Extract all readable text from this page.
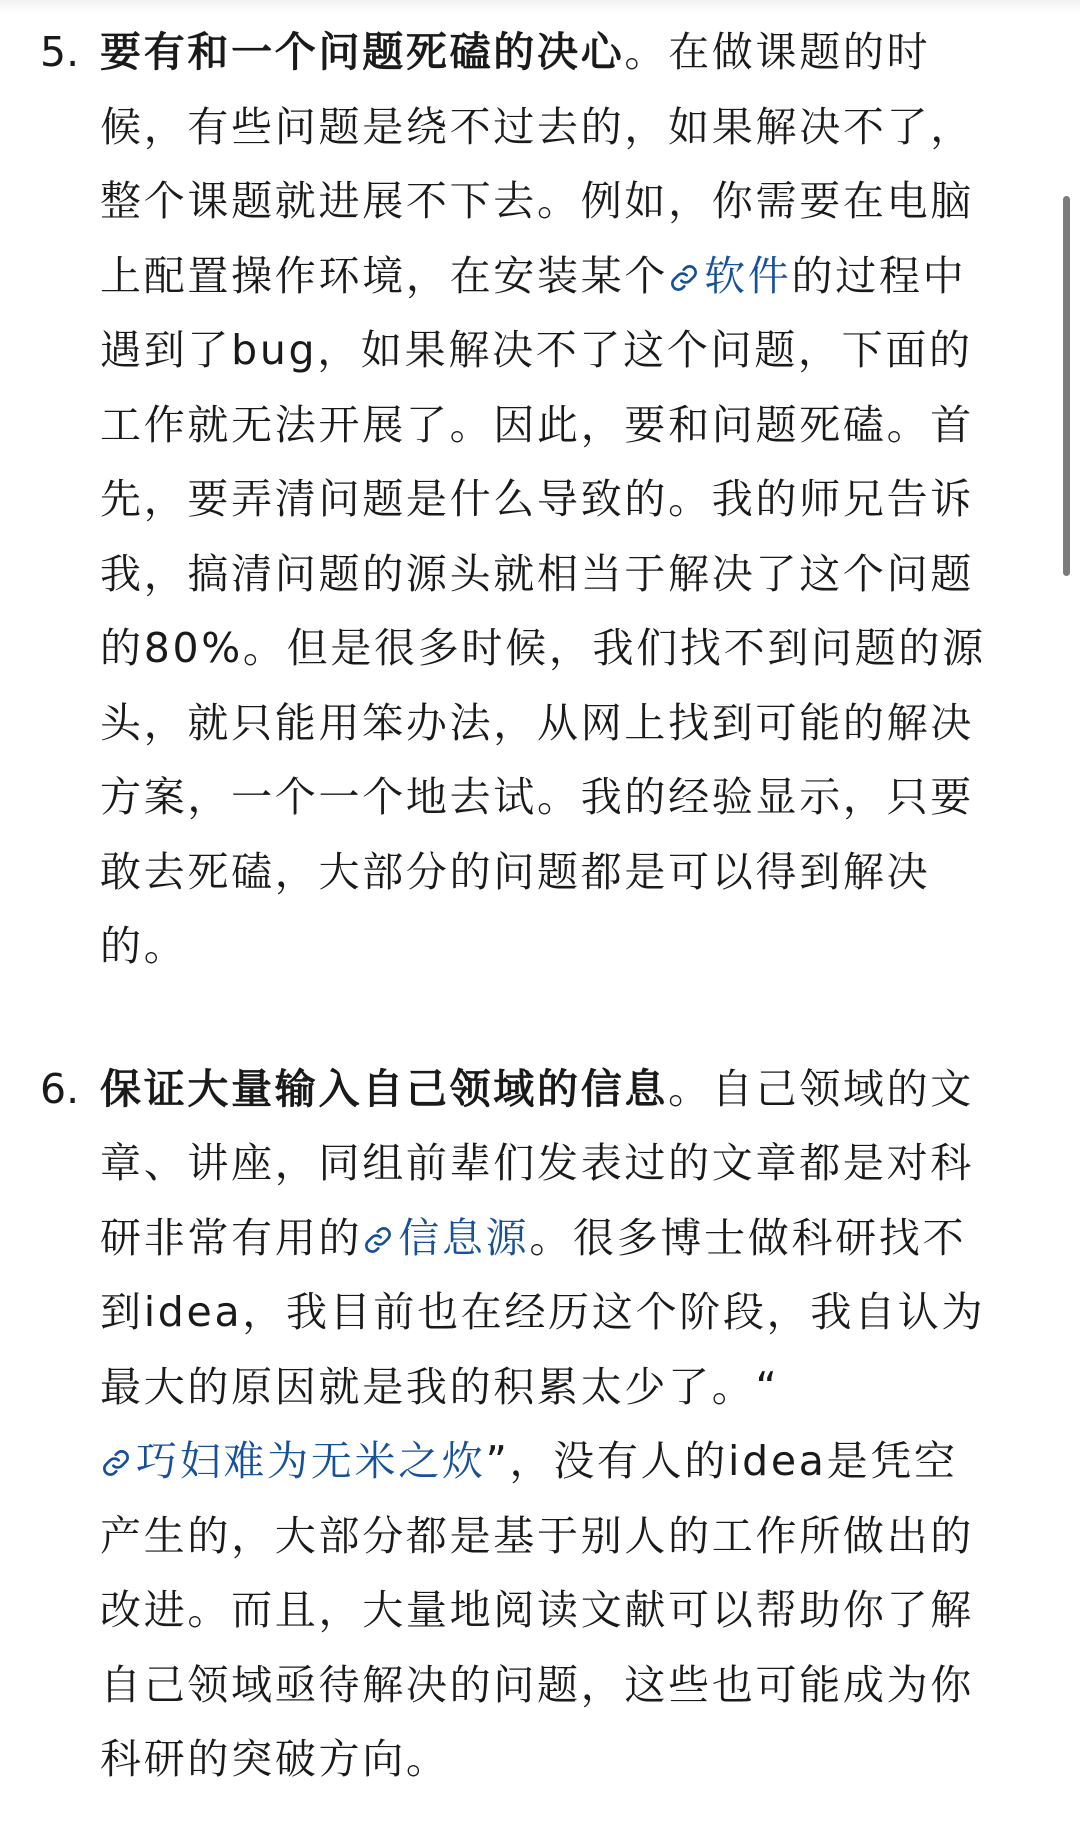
5. 要有和一个问题死磕的决心。在做课题的时候，有些问题是绕不过去的，如果解决不了，整个课题就进展不下去。例如，你需要在电脑上配置操作环境，在安装某个 软件的过程中遇到了bug，如果解决不了这个问题，下面的工作就无法开展了。因此，要和问题死磕。首先，要弄清问题是什么导致的。我的师兄告诉我，搞清问题的源头就相当于解决了这个问题的80%。但是很多时候，我们找不到问题的源头，就只能用笨办法，从网上找到可能的解决方案，一个一个地去试。我的经验显示，只要敢去死磕，大部分的问题都是可以得到解决的。
6. 保证大量输入自己领域的信息。自己领域的文章、讲座，同组前辈们发表过的文章都是对科研非常有用的 信息源。很多博士做科研找不到idea，我目前也在经历这个阶段，我自认为最大的原因就是我的积累太少了。“
巧妇难为无米之炊”，没有人的idea是凭空产生的，大部分都是基于别人的工作所做出的改进。而且，大量地阅读文献可以帮助你了解自己领域亟待解决的问题，这些也可能成为你科研的突破方向。
